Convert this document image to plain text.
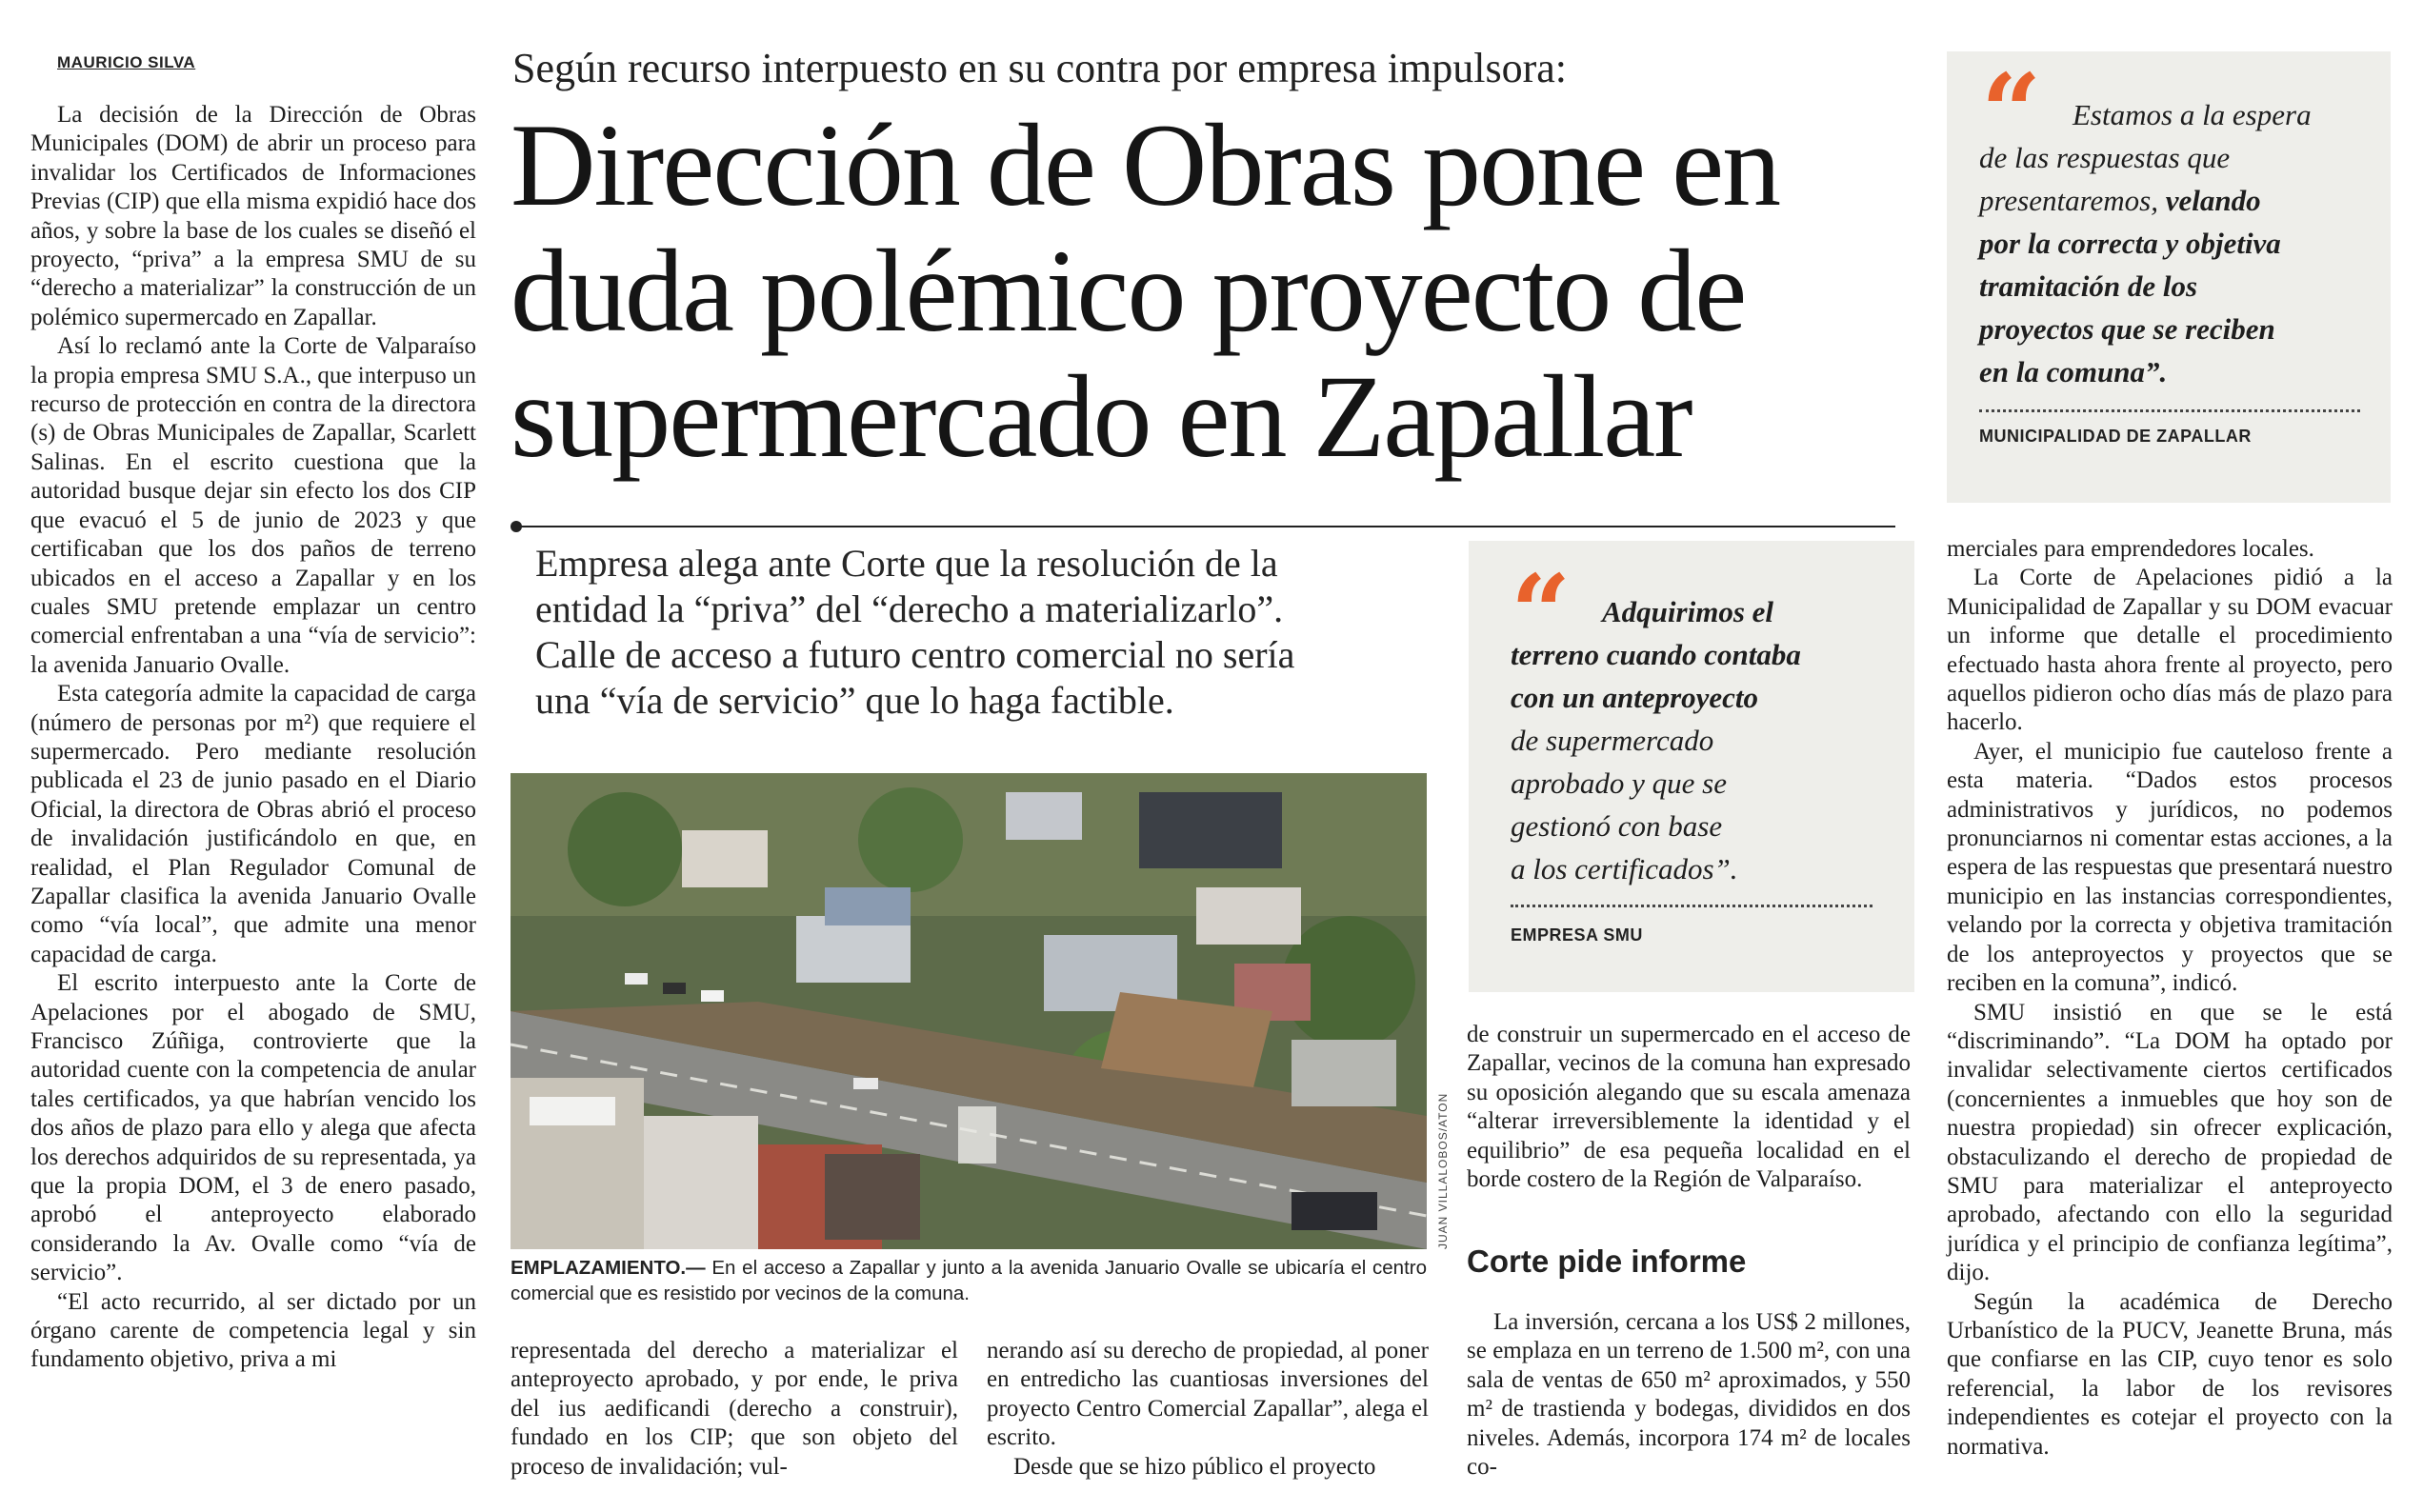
MAURICIO SILVA

La decisión de la Dirección de Obras Municipales (DOM) de abrir un proceso para invalidar los Certificados de Informaciones Previas (CIP) que ella misma expidió hace dos años, y sobre la base de los cuales se diseñó el proyecto, “priva” a la empresa SMU de su “derecho a materializar” la construcción de un polémico supermercado en Zapallar.

Así lo reclamó ante la Corte de Valparaíso la propia empresa SMU S.A., que interpuso un recurso de protección en contra de la directora (s) de Obras Municipales de Zapallar, Scarlett Salinas. En el escrito cuestiona que la autoridad busque dejar sin efecto los dos CIP que evacuó el 5 de junio de 2023 y que certificaban que los dos paños de terreno ubicados en el acceso a Zapallar y en los cuales SMU pretende emplazar un centro comercial enfrentaban a una “vía de servicio”: la avenida Januario Ovalle.

Esta categoría admite la capacidad de carga (número de personas por m²) que requiere el supermercado. Pero mediante resolución publicada el 23 de junio pasado en el Diario Oficial, la directora de Obras abrió el proceso de invalidación justificándolo en que, en realidad, el Plan Regulador Comunal de Zapallar clasifica la avenida Januario Ovalle como “vía local”, que admite una menor capacidad de carga.

El escrito interpuesto ante la Corte de Apelaciones por el abogado de SMU, Francisco Zúñiga, controvierte que la autoridad cuente con la competencia de anular tales certificados, ya que habrían vencido los dos años de plazo para ello y alega que afecta los derechos adquiridos de su representada, ya que la propia DOM, el 3 de enero pasado, aprobó el anteproyecto elaborado considerando la Av. Ovalle como “vía de servicio”.

“El acto recurrido, al ser dictado por un órgano carente de competencia legal y sin fundamento objetivo, priva a mi

Según recurso interpuesto en su contra por empresa impulsora:
Dirección de Obras pone en
duda polémico proyecto de
supermercado en Zapallar
Empresa alega ante Corte que la resolución de la
entidad la “priva” del “derecho a materializarlo”.
Calle de acceso a futuro centro comercial no sería
una “vía de servicio” que lo haga factible.
JUAN VILLALOBOS/ATON
EMPLAZAMIENTO.— En el acceso a Zapallar y junto a la avenida Januario Ovalle se ubicaría el centro comercial que es resistido por vecinos de la comuna.

representada del derecho a materializar el anteproyecto aprobado, y por ende, le priva del ius aedificandi (derecho a construir), fundado en los CIP; que son objeto del proceso de invalidación; vul-

nerando así su derecho de propiedad, al poner en entredicho las cuantiosas inversiones del proyecto Centro Comercial Zapallar”, alega el escrito.

Desde que se hizo público el proyecto

“	Adquirimos el
terreno cuando contaba
con un anteproyecto
de supermercado
aprobado y que se
gestionó con base
a los certificados”.
EMPRESA SMU

de construir un supermercado en el acceso de Zapallar, vecinos de la comuna han expresado su oposición alegando que su escala amenaza “alterar irreversiblemente la identidad y el equilibrio” de esa pequeña localidad en el borde costero de la Región de Valparaíso.

Corte pide informe

La inversión, cercana a los US$ 2 millones, se emplaza en un terreno de 1.500 m², con una sala de ventas de 650 m² aproximados, y 550 m² de trastienda y bodegas, divididos en dos niveles. Además, incorpora 174 m² de locales co-

“	Estamos a la espera
de las respuestas que
presentaremos, velando
por la correcta y objetiva
tramitación de los
proyectos que se reciben
en la comuna”.
MUNICIPALIDAD DE ZAPALLAR

merciales para emprendedores locales.

La Corte de Apelaciones pidió a la Municipalidad de Zapallar y su DOM evacuar un informe que detalle el procedimiento efectuado hasta ahora frente al proyecto, pero aquellos pidieron ocho días más de plazo para hacerlo.

Ayer, el municipio fue cauteloso frente a esta materia. “Dados estos procesos administrativos y jurídicos, no podemos pronunciarnos ni comentar estas acciones, a la espera de las respuestas que presentará nuestro municipio en las instancias correspondientes, velando por la correcta y objetiva tramitación de los anteproyectos y proyectos que se reciben en la comuna”, indicó.

SMU insistió en que se le está “discriminando”. “La DOM ha optado por invalidar selectivamente ciertos certificados (concernientes a inmuebles que hoy son de nuestra propiedad) sin ofrecer explicación, obstaculizando el derecho de propiedad de SMU para materializar el anteproyecto aprobado, afectando con ello la seguridad jurídica y el principio de confianza legítima”, dijo.

Según la académica de Derecho Urbanístico de la PUCV, Jeanette Bruna, más que confiarse en las CIP, cuyo tenor es solo referencial, la labor de los revisores independientes es cotejar el proyecto con la normativa.
